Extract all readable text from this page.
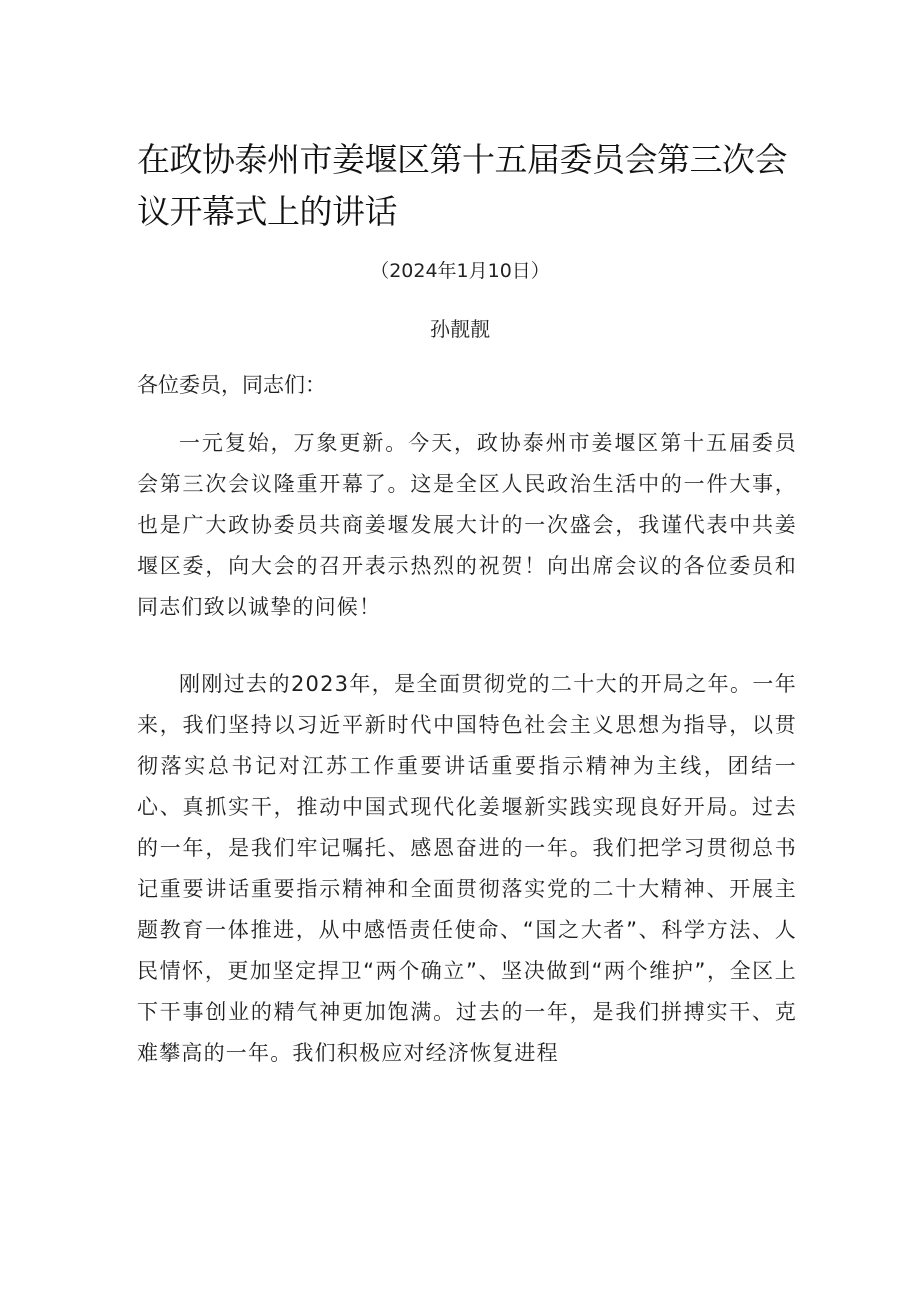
在政协泰州市姜堰区第十五届委员会第三次会议开幕式上的讲话
（2024年1月10日）
孙靓靓

各位委员，同志们：

一元复始，万象更新。今天，政协泰州市姜堰区第十五届委员会第三次会议隆重开幕了。这是全区人民政治生活中的一件大事，也是广大政协委员共商姜堰发展大计的一次盛会，我谨代表中共姜堰区委，向大会的召开表示热烈的祝贺！向出席会议的各位委员和同志们致以诚挚的问候！

刚刚过去的2023年，是全面贯彻党的二十大的开局之年。一年来，我们坚持以习近平新时代中国特色社会主义思想为指导，以贯彻落实总书记对江苏工作重要讲话重要指示精神为主线，团结一心、真抓实干，推动中国式现代化姜堰新实践实现良好开局。过去的一年，是我们牢记嘱托、感恩奋进的一年。我们把学习贯彻总书记重要讲话重要指示精神和全面贯彻落实党的二十大精神、开展主题教育一体推进，从中感悟责任使命、“国之大者”、科学方法、人民情怀，更加坚定捍卫“两个确立”、坚决做到“两个维护”，全区上下干事创业的精气神更加饱满。过去的一年，是我们拼搏实干、克难攀高的一年。我们积极应对经济恢复进程
